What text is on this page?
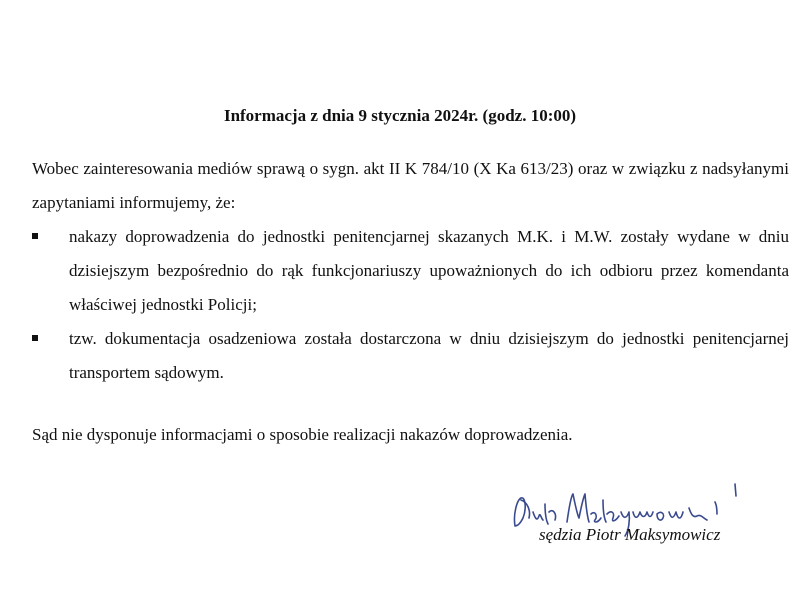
Informacja z dnia 9 stycznia 2024r. (godz. 10:00)
Wobec zainteresowania mediów sprawą o sygn. akt II K 784/10 (X Ka 613/23) oraz w związku z nadsyłanymi zapytaniami informujemy, że:
nakazy doprowadzenia do jednostki penitencjarnej skazanych M.K. i M.W. zostały wydane w dniu dzisiejszym bezpośrednio do rąk funkcjonariuszy upoważnionych do ich odbioru przez komendanta właściwej jednostki Policji;
tzw. dokumentacja osadzeniowa została dostarczona w dniu dzisiejszym do jednostki penitencjarnej transportem sądowym.
Sąd nie dysponuje informacjami o sposobie realizacji nakazów doprowadzenia.
sędzia Piotr Maksymowicz
